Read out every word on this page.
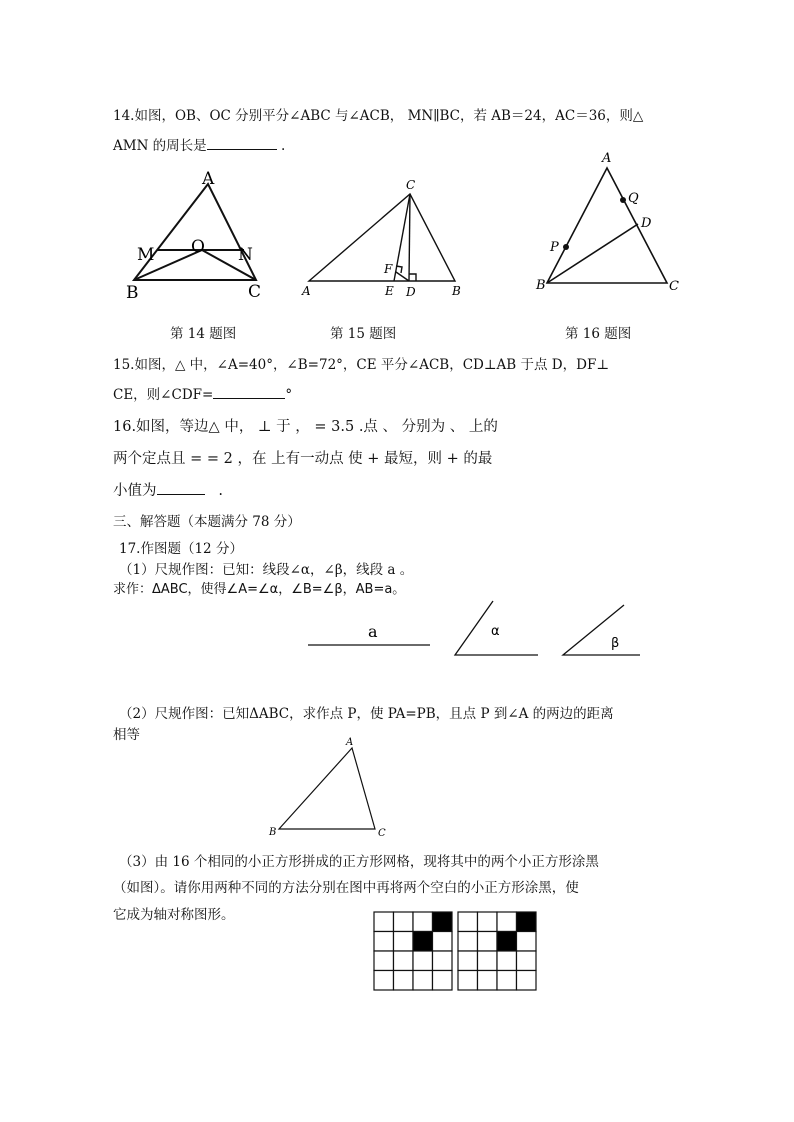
14.如图，OB、OC 分别平分∠ABC 与∠ACB， MN∥BC，若 AB＝24，AC＝36，则△
AMN 的周长是	.
A
M O N
B	C
C
F
A	E D	B
A
Q
D
P
B	C
第 14 题图	第 15 题图	第 16 题图
15.如图，△ 中，∠A=40°，∠B=72°，CE 平分∠ACB，CD⊥AB 于点 D，DF⊥
CE，则∠CDF=	°
16.如图，等边△ 中， ⊥ 于 ， = 3.5 .点 、 分别为 、 上的
两个定点且 = = 2 ，在 上有一动点 使 + 最短，则 + 的最
小值为	.
三、解答题（本题满分 78 分）
17.作图题（12 分）
（1）尺规作图：已知：线段∠α，∠β，线段 a 。
求作：ΔABC，使得∠A=∠α，∠B=∠β，AB=a。
a	α
β
（2）尺规作图：已知ΔABC，求作点 P，使 PA=PB，且点 P 到∠A 的两边的距离
相等	A
B	C
（3）由 16 个相同的小正方形拼成的正方形网格，现将其中的两个小正方形涂黑
（如图）。请你用两种不同的方法分别在图中再将两个空白的小正方形涂黑，使
它成为轴对称图形。
